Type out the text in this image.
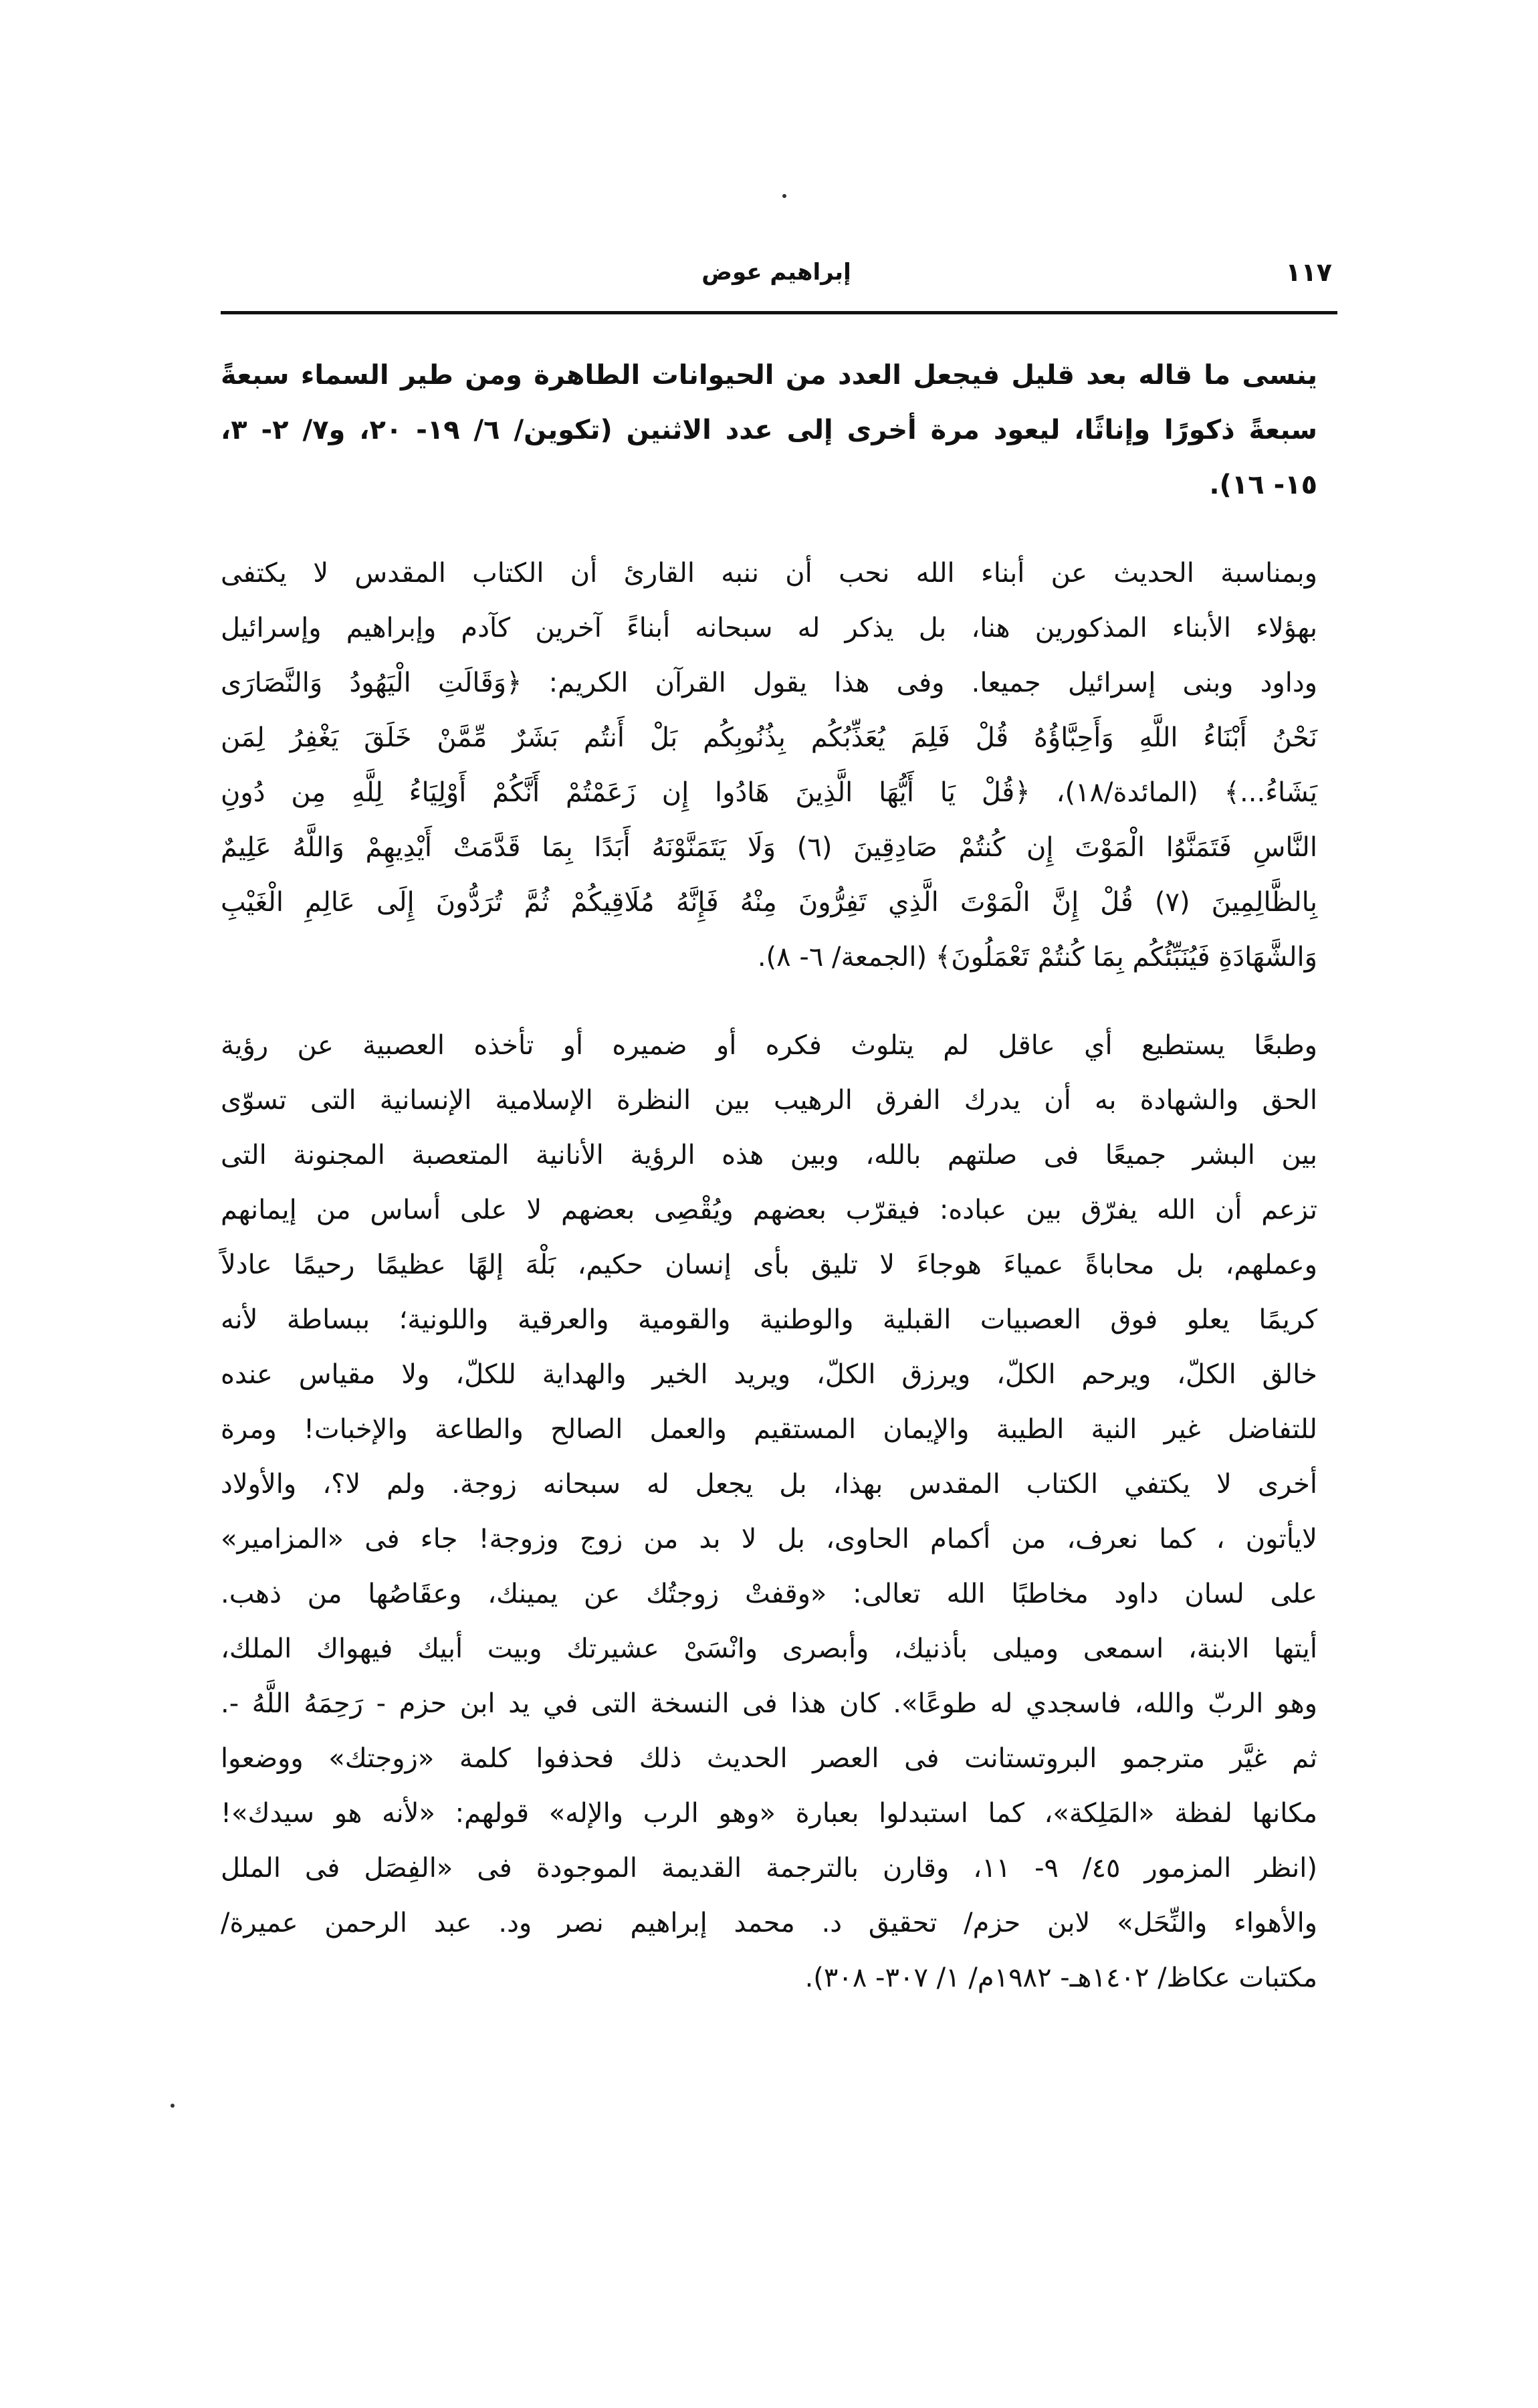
١١٧
إبراهيم عوض
ينسى ما قاله بعد قليل فيجعل العدد من الحيوانات الطاهرة ومن طير السماء سبعةً
سبعةً ذكورًا وإناثًا، ليعود مرة أخرى إلى عدد الاثنين (تكوين/ ٦/ ١٩- ٢٠، و٧/ ٢- ٣،
١٥- ١٦).
وبمناسبة الحديث عن أبناء الله نحب أن ننبه القارئ أن الكتاب المقدس لا يكتفى
بهؤلاء الأبناء المذكورين هنا، بل يذكر له سبحانه أبناءً آخرين كآدم وإبراهيم وإسرائيل
وداود وبنى إسرائيل جميعا. وفى هذا يقول القرآن الكريم: ﴿وَقَالَتِ الْيَهُودُ وَالنَّصَارَى
نَحْنُ أَبْنَاءُ اللَّهِ وَأَحِبَّاؤُهُ قُلْ فَلِمَ يُعَذِّبُكُم بِذُنُوبِكُم بَلْ أَنتُم بَشَرٌ مِّمَّنْ خَلَقَ يَغْفِرُ لِمَن
يَشَاءُ...﴾ (المائدة/١٨)، ﴿قُلْ يَا أَيُّهَا الَّذِينَ هَادُوا إِن زَعَمْتُمْ أَنَّكُمْ أَوْلِيَاءُ لِلَّهِ مِن دُونِ
النَّاسِ فَتَمَنَّوُا الْمَوْتَ إِن كُنتُمْ صَادِقِينَ (٦) وَلَا يَتَمَنَّوْنَهُ أَبَدًا بِمَا قَدَّمَتْ أَيْدِيهِمْ وَاللَّهُ عَلِيمٌ
بِالظَّالِمِينَ (٧) قُلْ إِنَّ الْمَوْتَ الَّذِي تَفِرُّونَ مِنْهُ فَإِنَّهُ مُلَاقِيكُمْ ثُمَّ تُرَدُّونَ إِلَى عَالِمِ الْغَيْبِ
وَالشَّهَادَةِ فَيُنَبِّئُكُم بِمَا كُنتُمْ تَعْمَلُونَ﴾ (الجمعة/ ٦- ٨).
وطبعًا يستطيع أي عاقل لم يتلوث فكره أو ضميره أو تأخذه العصبية عن رؤية
الحق والشهادة به أن يدرك الفرق الرهيب بين النظرة الإسلامية الإنسانية التى تسوّى
بين البشر جميعًا فى صلتهم بالله، وبين هذه الرؤية الأنانية المتعصبة المجنونة التى
تزعم أن الله يفرّق بين عباده: فيقرّب بعضهم ويُقْصِى بعضهم لا على أساس من إيمانهم
وعملهم، بل محاباةً عمياءَ هوجاءَ لا تليق بأى إنسان حكيم، بَلْهَ إلهًا عظيمًا رحيمًا عادلاً
كريمًا يعلو فوق العصبيات القبلية والوطنية والقومية والعرقية واللونية؛ ببساطة لأنه
خالق الكلّ، ويرحم الكلّ، ويرزق الكلّ، ويريد الخير والهداية للكلّ، ولا مقياس عنده
للتفاضل غير النية الطيبة والإيمان المستقيم والعمل الصالح والطاعة والإخبات! ومرة
أخرى لا يكتفي الكتاب المقدس بهذا، بل يجعل له سبحانه زوجة. ولم لا؟، والأولاد
لايأتون ، كما نعرف، من أكمام الحاوى، بل لا بد من زوج وزوجة! جاء فى «المزامير»
على لسان داود مخاطبًا الله تعالى: «وقفتْ زوجتُك عن يمينك، وعقَاصُها من ذهب.
أيتها الابنة، اسمعى وميلى بأذنيك، وأبصرى وانْسَىْ عشيرتك وبيت أبيك فيهواك الملك،
وهو الربّ والله، فاسجدي له طوعًا». كان هذا فى النسخة التى في يد ابن حزم - رَحِمَهُ اللَّهُ -.
ثم غيَّر مترجمو البروتستانت فى العصر الحديث ذلك فحذفوا كلمة «زوجتك» ووضعوا
مكانها لفظة «المَلِكة»، كما استبدلوا بعبارة «وهو الرب والإله» قولهم: «لأنه هو سيدك»!
(انظر المزمور ٤٥/ ٩- ١١، وقارن بالترجمة القديمة الموجودة فى «الفِصَل فى الملل
والأهواء والنِّحَل» لابن حزم/ تحقيق د. محمد إبراهيم نصر ود. عبد الرحمن عميرة/
مكتبات عكاظ/ ١٤٠٢هـ- ١٩٨٢م/ ١/ ٣٠٧- ٣٠٨).
